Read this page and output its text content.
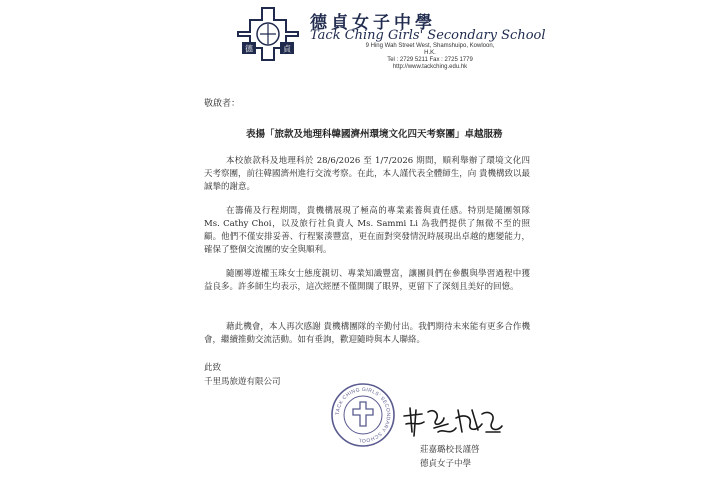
德	貞
德貞女子中學
Tack Ching Girls' Secondary School
9 Hing Wah Street West, Shamshuipo, Kowloon, H.K.
Tel : 2729 5211 Fax : 2725 1779
http://www.tackching.edu.hk
敬啟者：
表揚「旅款及地理科韓國濟州環境文化四天考察團」卓越服務
本校旅款科及地理科於 28/6/2026 至 1/7/2026 期間，順利舉辦了環境文化四天考察團，前往韓國濟州進行交流考察。在此，本人謹代表全體師生，向 貴機構致以最誠摯的謝意。
在籌備及行程期間，貴機構展現了極高的專業素養與責任感。特別是隨團領隊 Ms. Cathy Choi，以及旅行社負責人 Ms. Sammi Li 為我們提供了無微不至的照顧。他們不僅安排妥善、行程緊湊豐富，更在面對突發情況時展現出卓越的應變能力，確保了整個交流團的安全與順利。
隨團導遊權玉珠女士態度親切、專業知識豐富，讓團員們在參觀與學習過程中獲益良多。許多師生均表示，這次經歷不僅開闊了眼界，更留下了深刻且美好的回憶。
藉此機會，本人再次感謝 貴機構團隊的辛勤付出。我們期待未來能有更多合作機會，繼續推動交流活動。如有垂詢，歡迎隨時與本人聯絡。
此致
千里馬旅遊有限公司
TACK CHING GIRLS' SECONDARY SCHOOL
莊嘉璐校長謹啓
德貞女子中學
